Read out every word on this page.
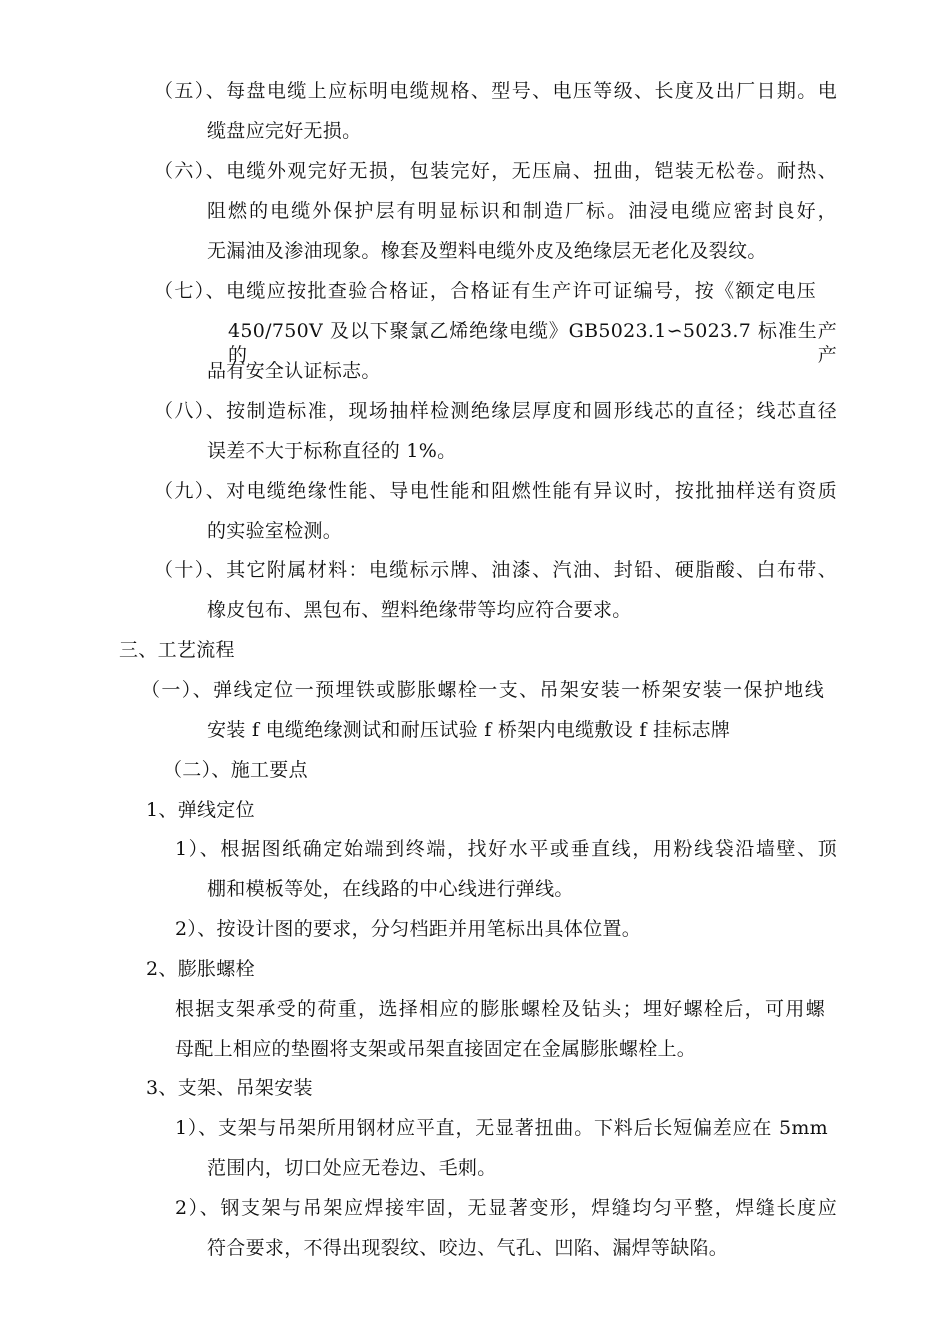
（五）、每盘电缆上应标明电缆规格、型号、电压等级、长度及出厂日期。电
缆盘应完好无损。
（六）、电缆外观完好无损，包装完好，无压扁、扭曲，铠装无松卷。耐热、
阻燃的电缆外保护层有明显标识和制造厂标。油浸电缆应密封良好，
无漏油及渗油现象。橡套及塑料电缆外皮及绝缘层无老化及裂纹。
（七）、电缆应按批查验合格证，合格证有生产许可证编号，按《额定电压
450/750V 及以下聚氯乙烯绝缘电缆》GB5023.1∽5023.7 标准生产的产
品有安全认证标志。
（八）、按制造标准，现场抽样检测绝缘层厚度和圆形线芯的直径；线芯直径
误差不大于标称直径的 1%。
（九）、对电缆绝缘性能、导电性能和阻燃性能有异议时，按批抽样送有资质
的实验室检测。
（十）、其它附属材料：电缆标示牌、油漆、汽油、封铅、硬脂酸、白布带、
橡皮包布、黑包布、塑料绝缘带等均应符合要求。
三、工艺流程
（一）、弹线定位一预埋铁或膨胀螺栓一支、吊架安装一桥架安装一保护地线
安装 f 电缆绝缘测试和耐压试验 f 桥架内电缆敷设 f 挂标志牌
（二）、施工要点
1、弹线定位
1）、根据图纸确定始端到终端，找好水平或垂直线，用粉线袋沿墙壁、顶
棚和模板等处，在线路的中心线进行弹线。
2）、按设计图的要求，分匀档距并用笔标出具体位置。
2、膨胀螺栓
根据支架承受的荷重，选择相应的膨胀螺栓及钻头；埋好螺栓后，可用螺
母配上相应的垫圈将支架或吊架直接固定在金属膨胀螺栓上。
3、支架、吊架安装
1）、支架与吊架所用钢材应平直，无显著扭曲。下料后长短偏差应在 5mm
范围内，切口处应无卷边、毛刺。
2）、钢支架与吊架应焊接牢固，无显著变形，焊缝均匀平整，焊缝长度应
符合要求，不得出现裂纹、咬边、气孔、凹陷、漏焊等缺陷。
